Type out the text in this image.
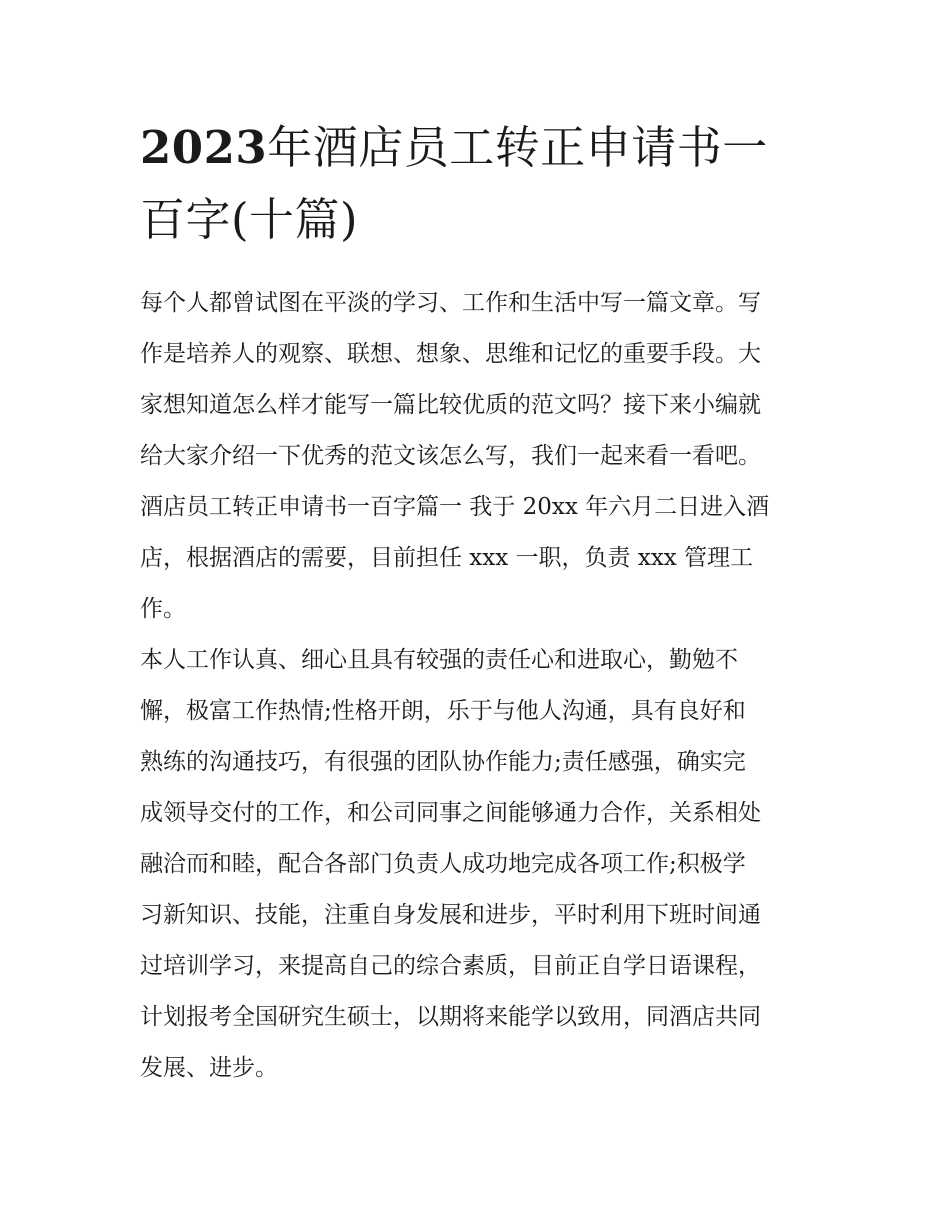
2023年酒店员工转正申请书一
百字(十篇)

每个人都曾试图在平淡的学习、工作和生活中写一篇文章。写
作是培养人的观察、联想、想象、思维和记忆的重要手段。大
家想知道怎么样才能写一篇比较优质的范文吗？接下来小编就
给大家介绍一下优秀的范文该怎么写，我们一起来看一看吧。

酒店员工转正申请书一百字篇一 我于 20xx 年六月二日进入酒
店，根据酒店的需要，目前担任 xxx 一职，负责 xxx 管理工
作。

本人工作认真、细心且具有较强的责任心和进取心，勤勉不
懈，极富工作热情;性格开朗，乐于与他人沟通，具有良好和
熟练的沟通技巧，有很强的团队协作能力;责任感强，确实完
成领导交付的工作，和公司同事之间能够通力合作，关系相处
融洽而和睦，配合各部门负责人成功地完成各项工作;积极学
习新知识、技能，注重自身发展和进步，平时利用下班时间通
过培训学习，来提高自己的综合素质，目前正自学日语课程，
计划报考全国研究生硕士，以期将来能学以致用，同酒店共同
发展、进步。
